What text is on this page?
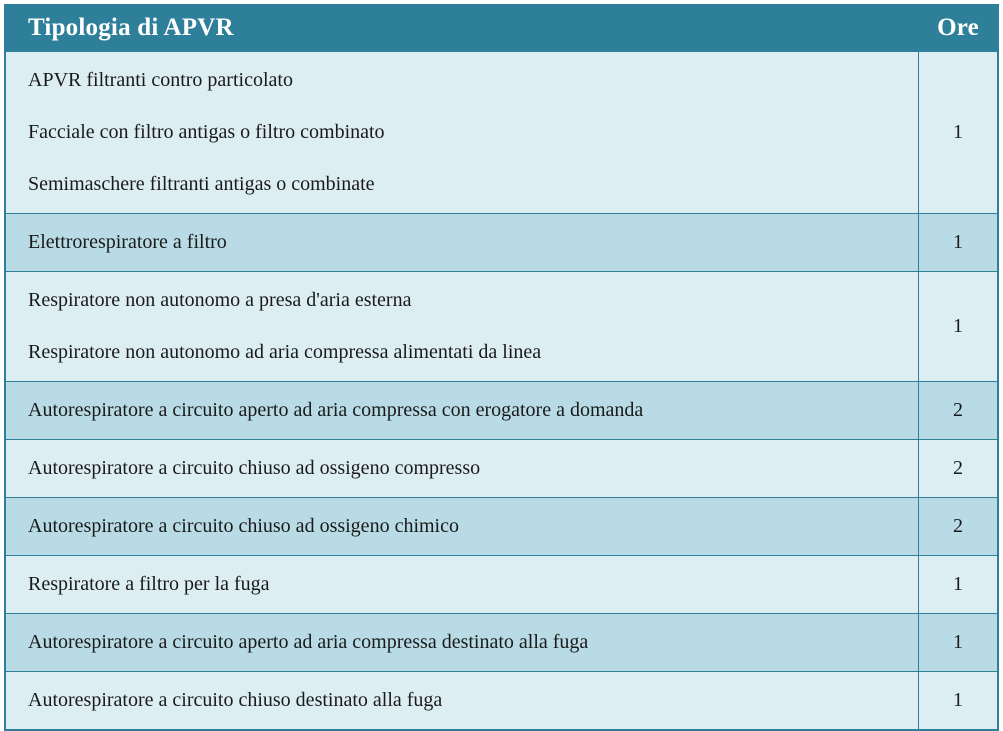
Tipologia di APVR	Ore

APVR filtranti contro particolato
Facciale con filtro antigas o filtro combinato
Semimaschere filtranti antigas o combinate	1

Elettrorespiratore a filtro	1

Respiratore non autonomo a presa d'aria esterna
Respiratore non autonomo ad aria compressa alimentati da linea	1

Autorespiratore a circuito aperto ad aria compressa con erogatore a domanda	2

Autorespiratore a circuito chiuso ad ossigeno compresso	2

Autorespiratore a circuito chiuso ad ossigeno chimico	2

Respiratore a filtro per la fuga	1

Autorespiratore a circuito aperto ad aria compressa destinato alla fuga	1

Autorespiratore a circuito chiuso destinato alla fuga	1
